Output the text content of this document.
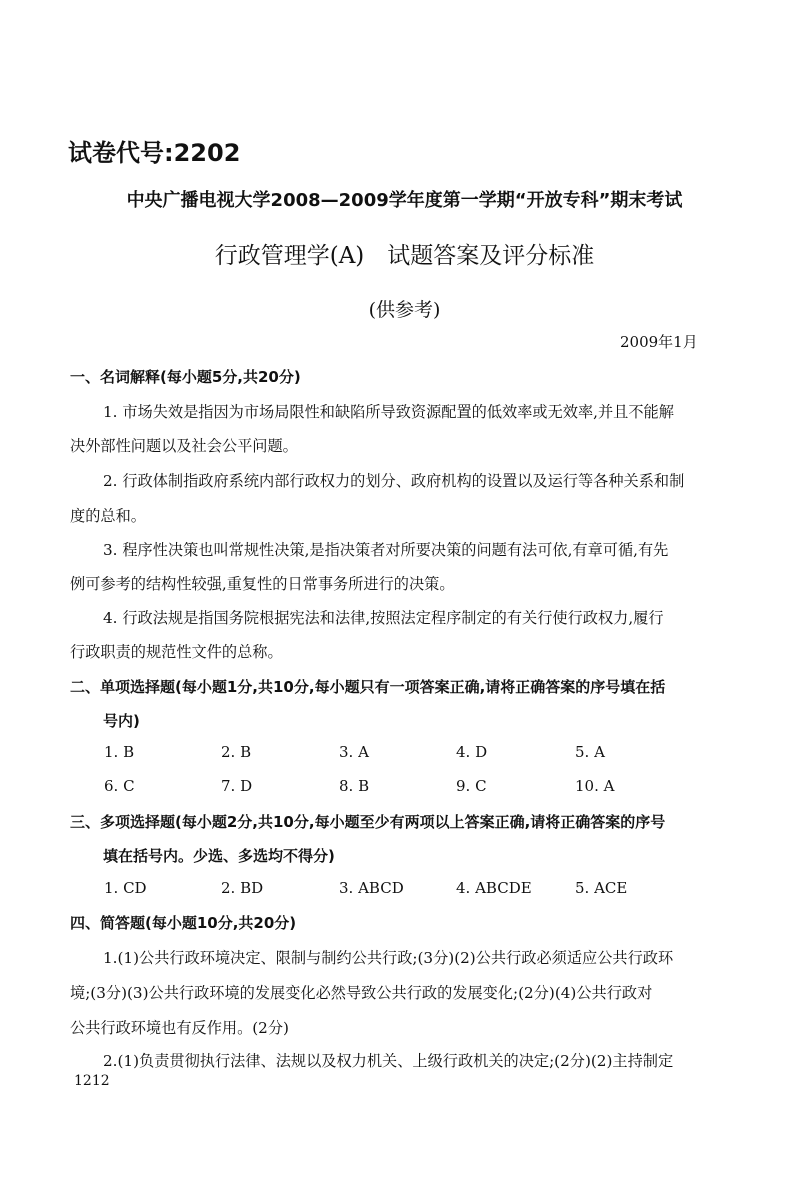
试卷代号:2202
中央广播电视大学2008—2009学年度第一学期“开放专科”期末考试
行政管理学(A)　试题答案及评分标准
(供参考)
2009年1月
一、名词解释(每小题5分,共20分)
1. 市场失效是指因为市场局限性和缺陷所导致资源配置的低效率或无效率,并且不能解
决外部性问题以及社会公平问题。
2. 行政体制指政府系统内部行政权力的划分、政府机构的设置以及运行等各种关系和制
度的总和。
3. 程序性决策也叫常规性决策,是指决策者对所要决策的问题有法可依,有章可循,有先
例可参考的结构性较强,重复性的日常事务所进行的决策。
4. 行政法规是指国务院根据宪法和法律,按照法定程序制定的有关行使行政权力,履行
行政职责的规范性文件的总称。
二、单项选择题(每小题1分,共10分,每小题只有一项答案正确,请将正确答案的序号填在括
号内)
1. B	2. B	3. A	4. D	5. A
6. C	7. D	8. B	9. C	10. A
三、多项选择题(每小题2分,共10分,每小题至少有两项以上答案正确,请将正确答案的序号
填在括号内。少选、多选均不得分)
1. CD	2. BD	3. ABCD	4. ABCDE	5. ACE
四、简答题(每小题10分,共20分)
1.(1)公共行政环境决定、限制与制约公共行政;(3分)(2)公共行政必须适应公共行政环
境;(3分)(3)公共行政环境的发展变化必然导致公共行政的发展变化;(2分)(4)公共行政对
公共行政环境也有反作用。(2分)
2.(1)负责贯彻执行法律、法规以及权力机关、上级行政机关的决定;(2分)(2)主持制定
1212
